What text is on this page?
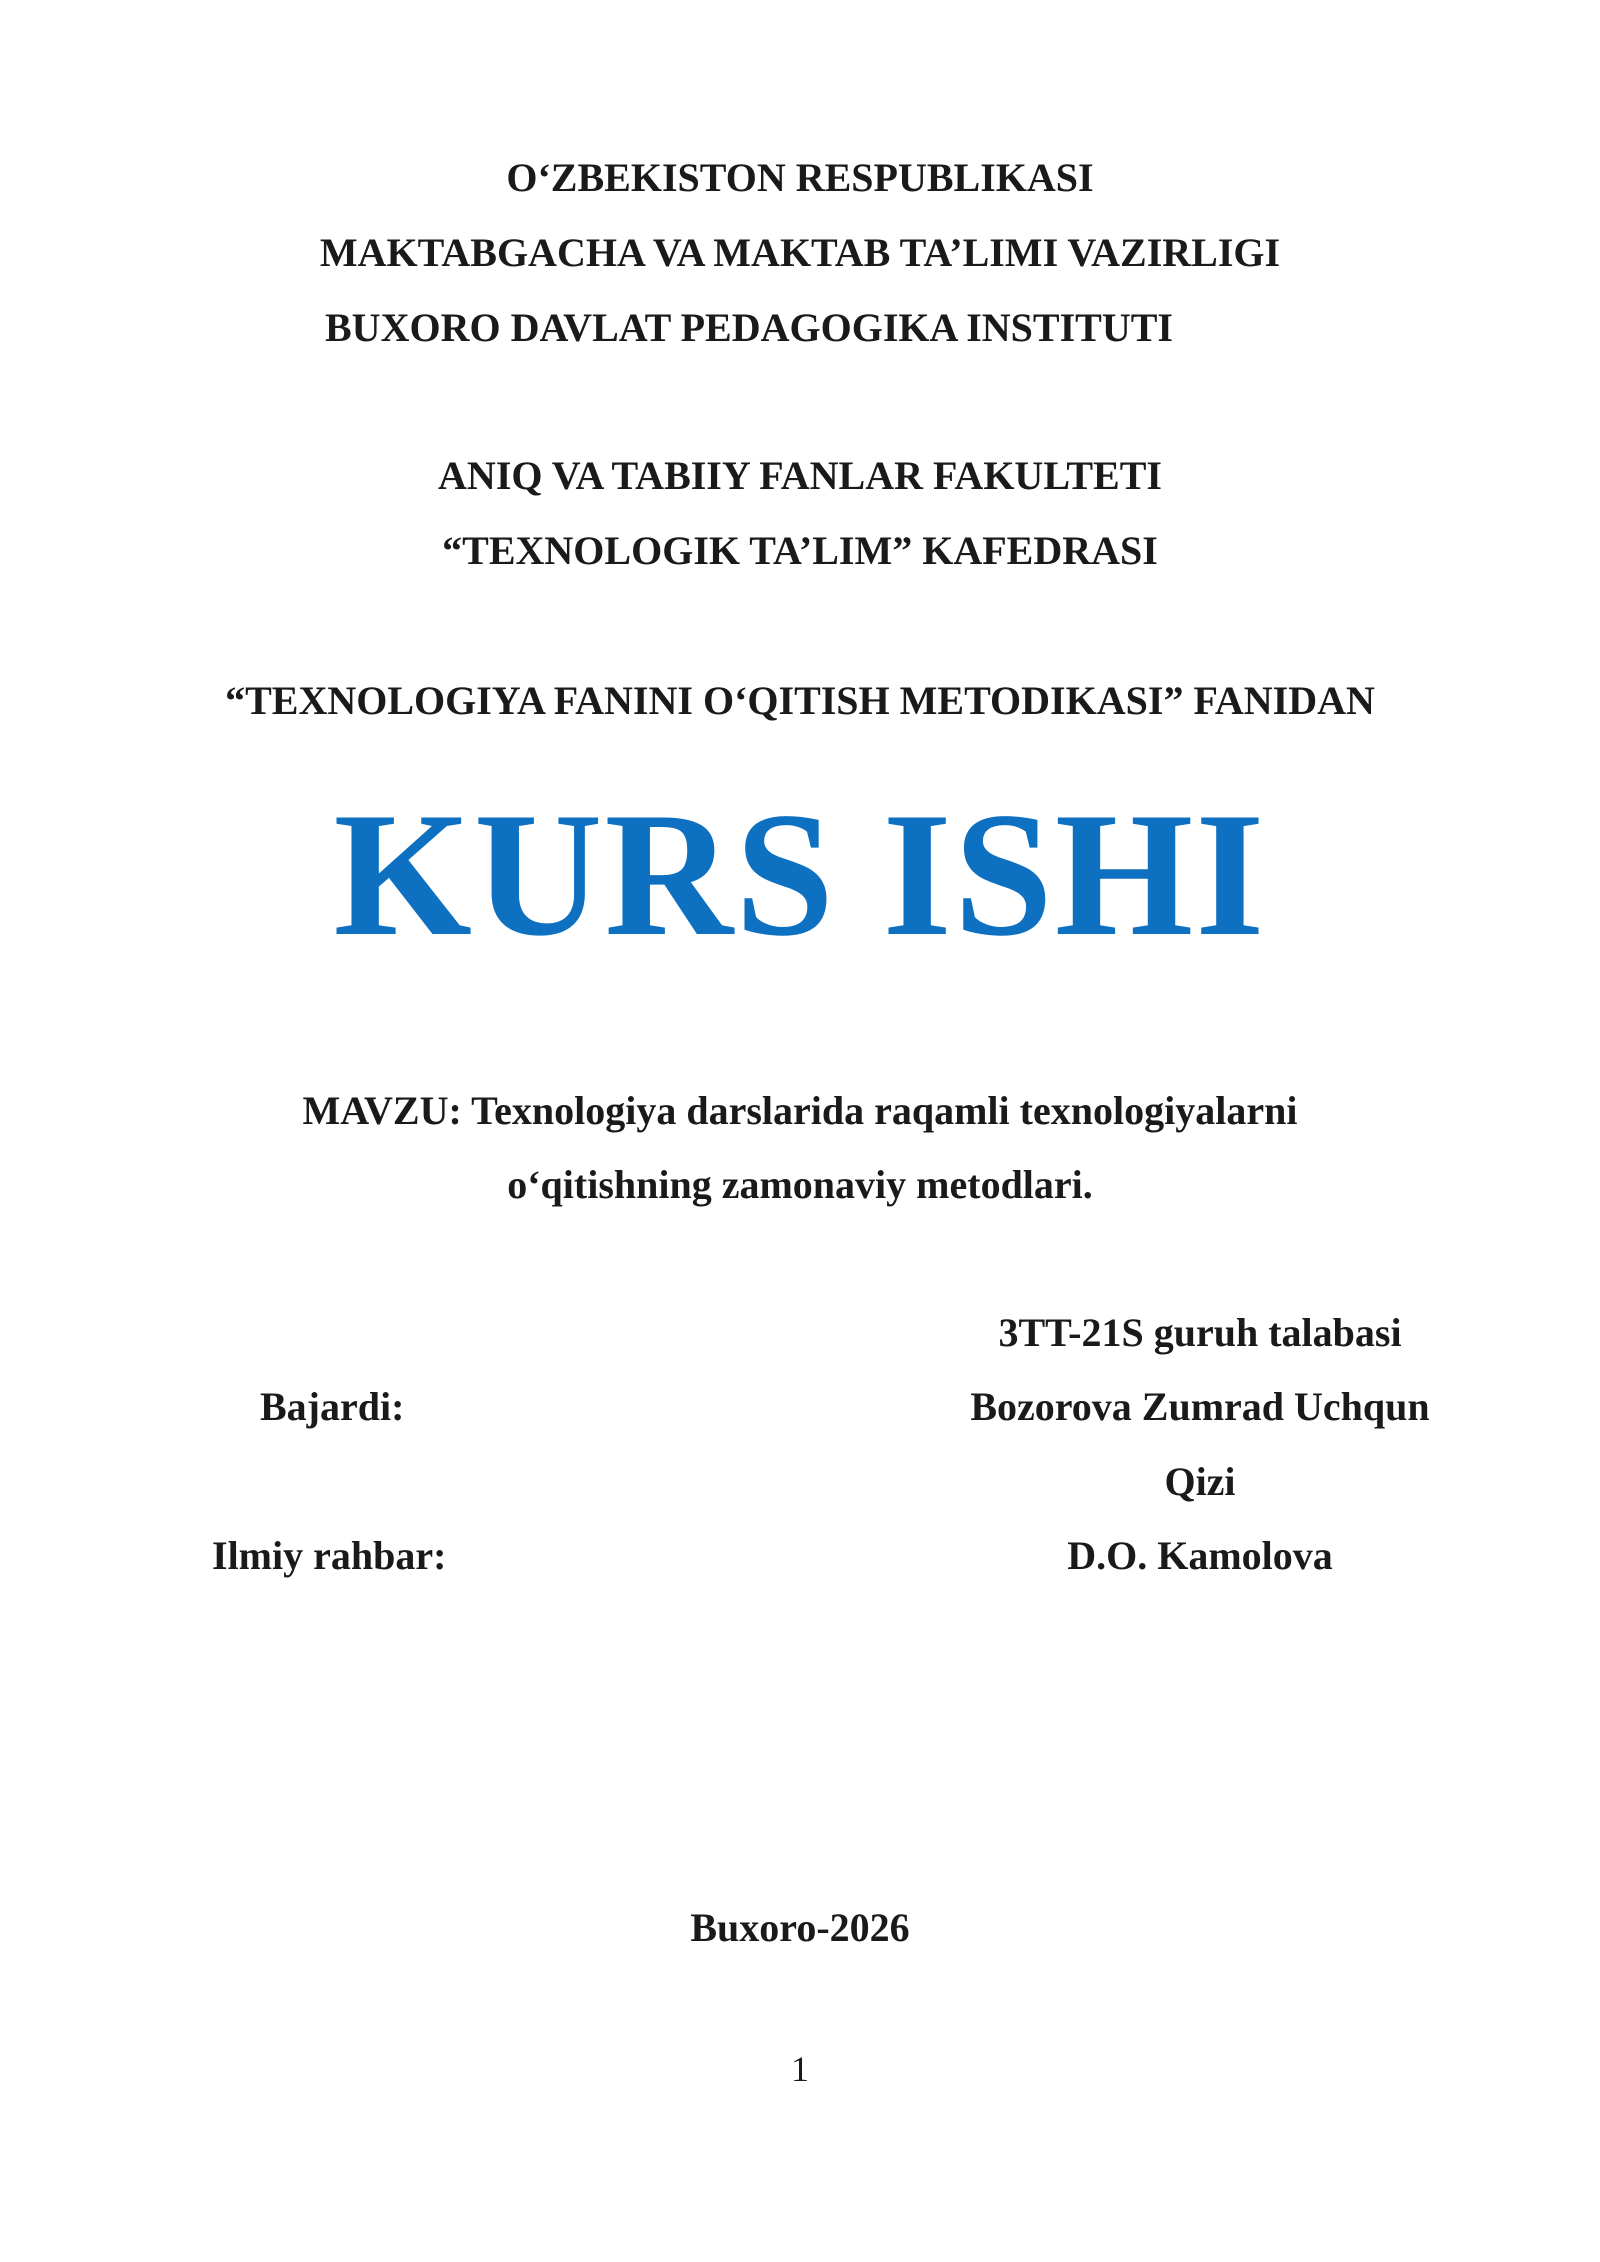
O‘ZBEKISTON RESPUBLIKASI
MAKTABGACHA VA MAKTAB TA’LIMI VAZIRLIGI
BUXORO DAVLAT PEDAGOGIKA INSTITUTI
ANIQ VA TABIIY FANLAR FAKULTETI
“TEXNOLOGIK TA’LIM” KAFEDRASI
“TEXNOLOGIYA FANINI O‘QITISH METODIKASI” FANIDAN
KURS ISHI
MAVZU: Texnologiya darslarida raqamli texnologiyalarni
o‘qitishning zamonaviy metodlari.
3TT-21S guruh talabasi
Bajardi:	Bozorova Zumrad Uchqun
Qizi
Ilmiy rahbar:	D.O. Kamolova
Buxoro-2026
1
